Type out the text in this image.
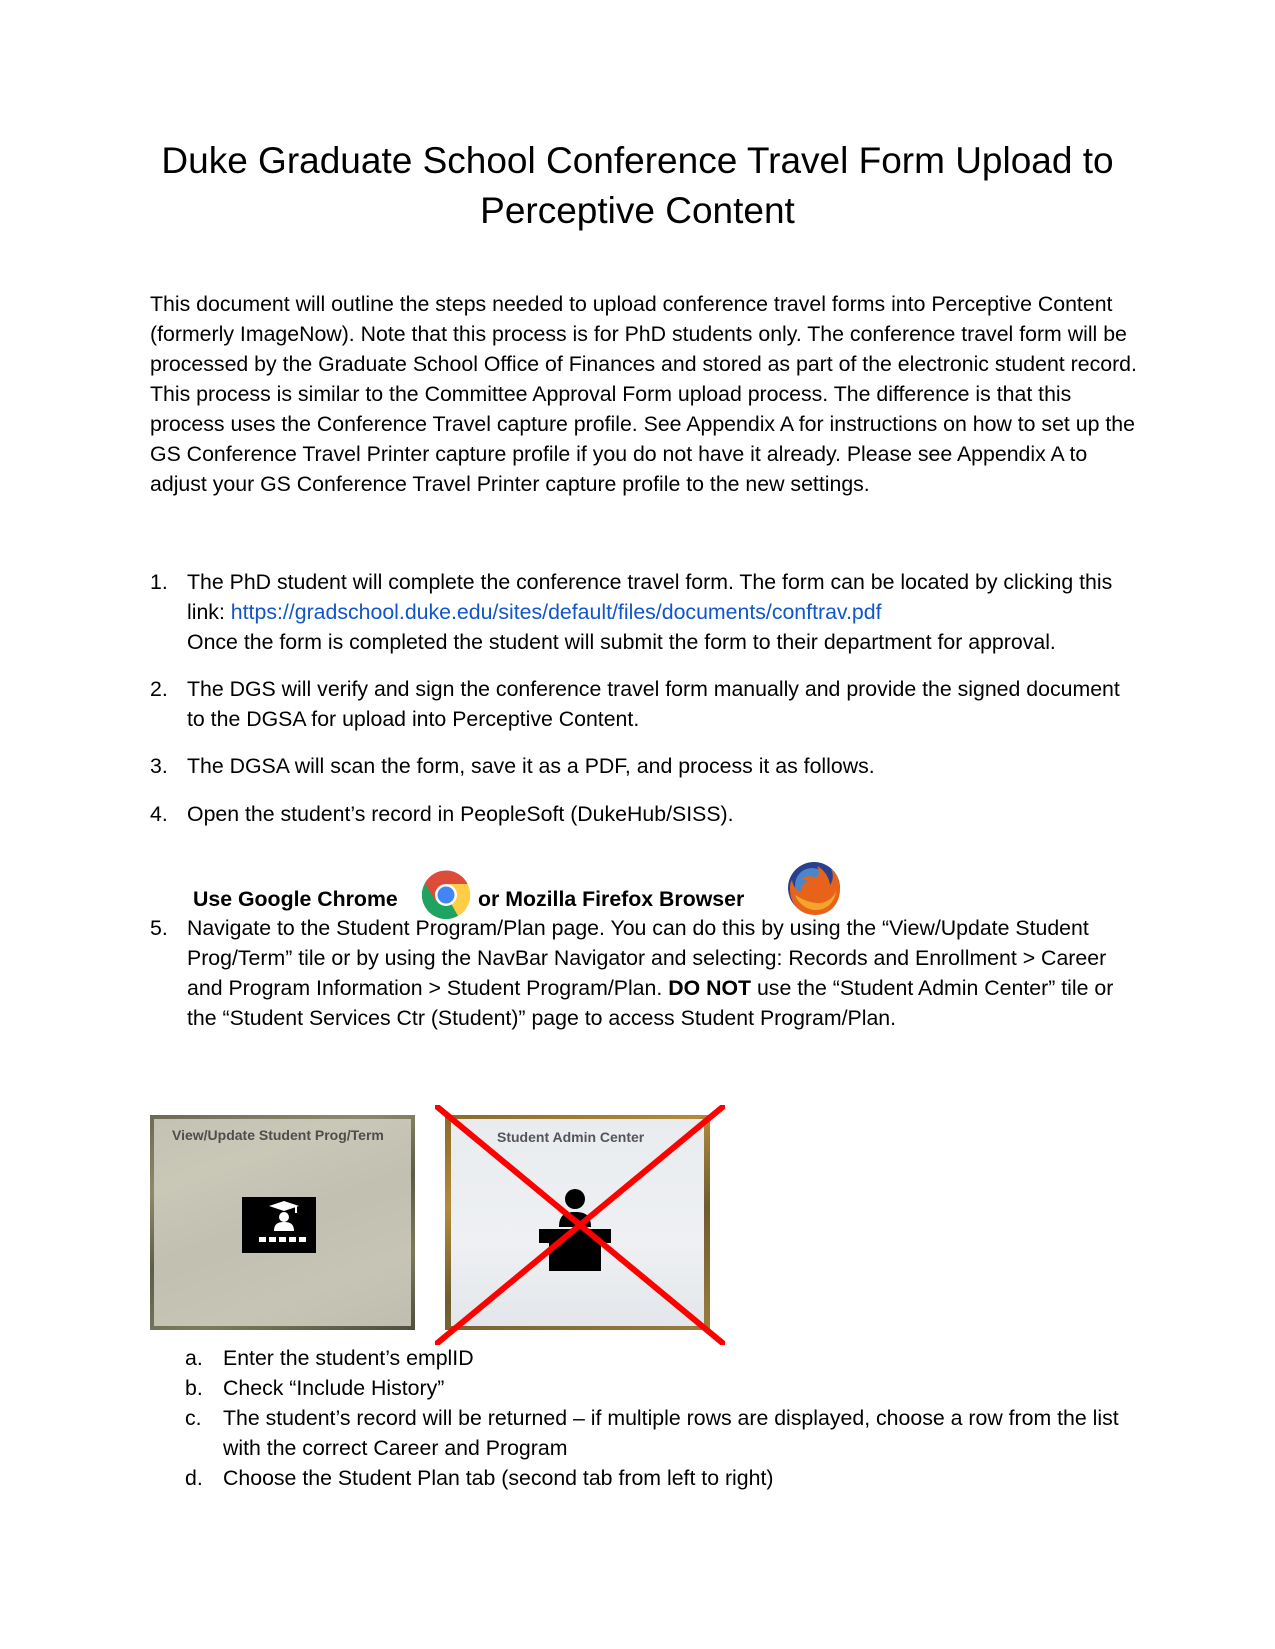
Duke Graduate School Conference Travel Form Upload to
Perceptive Content

This document will outline the steps needed to upload conference travel forms into Perceptive Content (formerly ImageNow). Note that this process is for PhD students only. The conference travel form will be processed by the Graduate School Office of Finances and stored as part of the electronic student record. This process is similar to the Committee Approval Form upload process. The difference is that this process uses the Conference Travel capture profile. See Appendix A for instructions on how to set up the GS Conference Travel Printer capture profile if you do not have it already. Please see Appendix A to adjust your GS Conference Travel Printer capture profile to the new settings.

1. The PhD student will complete the conference travel form. The form can be located by clicking this link: https://gradschool.duke.edu/sites/default/files/documents/conftrav.pdf
Once the form is completed the student will submit the form to their department for approval.
2. The DGS will verify and sign the conference travel form manually and provide the signed document to the DGSA for upload into Perceptive Content.
3. The DGSA will scan the form, save it as a PDF, and process it as follows.
4. Open the student’s record in PeopleSoft (DukeHub/SISS).
Use Google Chrome	or Mozilla Firefox Browser
5. Navigate to the Student Program/Plan page. You can do this by using the “View/Update Student Prog/Term” tile or by using the NavBar Navigator and selecting: Records and Enrollment > Career and Program Information > Student Program/Plan. DO NOT use the “Student Admin Center” tile or the “Student Services Ctr (Student)” page to access Student Program/Plan.
View/Update Student Prog/Term	Student Admin Center
a. Enter the student’s emplID
b. Check “Include History”
c. The student’s record will be returned – if multiple rows are displayed, choose a row from the list with the correct Career and Program
d. Choose the Student Plan tab (second tab from left to right)
